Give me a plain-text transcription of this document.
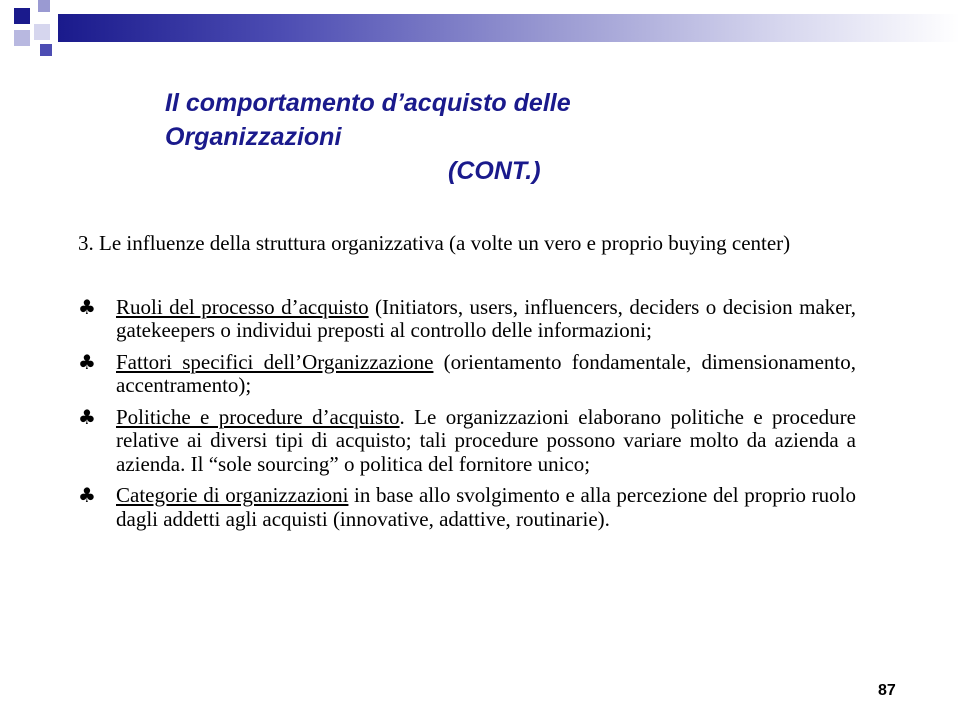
Il comportamento d’acquisto delle
Organizzazioni
(CONT.)

3. Le influenze della struttura organizzativa (a volte un vero e proprio buying center)

♣ Ruoli del processo d’acquisto (Initiators, users, influencers, deciders o decision maker, gatekeepers o individui preposti al controllo delle informazioni;

♣ Fattori specifici dell’Organizzazione (orientamento fondamentale, dimensionamento, accentramento);

♣ Politiche e procedure d’acquisto. Le organizzazioni elaborano politiche e procedure relative ai diversi tipi di acquisto; tali procedure possono variare molto da azienda a azienda. Il “sole sourcing” o politica del fornitore unico;

♣ Categorie di organizzazioni in base allo svolgimento e alla percezione del proprio ruolo dagli addetti agli acquisti (innovative, adattive, routinarie).

87
